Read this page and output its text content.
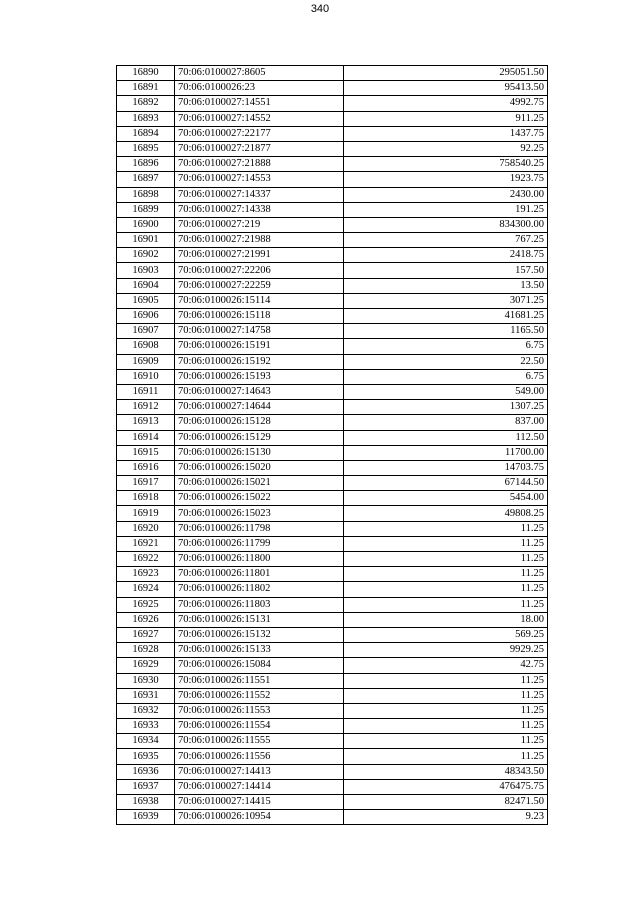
340
16890	70:06:0100027:8605	295051.50
16891	70:06:0100026:23	95413.50
16892	70:06:0100027:14551	4992.75
16893	70:06:0100027:14552	911.25
16894	70:06:0100027:22177	1437.75
16895	70:06:0100027:21877	92.25
16896	70:06:0100027:21888	758540.25
16897	70:06:0100027:14553	1923.75
16898	70:06:0100027:14337	2430.00
16899	70:06:0100027:14338	191.25
16900	70:06:0100027:219	834300.00
16901	70:06:0100027:21988	767.25
16902	70:06:0100027:21991	2418.75
16903	70:06:0100027:22206	157.50
16904	70:06:0100027:22259	13.50
16905	70:06:0100026:15114	3071.25
16906	70:06:0100026:15118	41681.25
16907	70:06:0100027:14758	1165.50
16908	70:06:0100026:15191	6.75
16909	70:06:0100026:15192	22.50
16910	70:06:0100026:15193	6.75
16911	70:06:0100027:14643	549.00
16912	70:06:0100027:14644	1307.25
16913	70:06:0100026:15128	837.00
16914	70:06:0100026:15129	112.50
16915	70:06:0100026:15130	11700.00
16916	70:06:0100026:15020	14703.75
16917	70:06:0100026:15021	67144.50
16918	70:06:0100026:15022	5454.00
16919	70:06:0100026:15023	49808.25
16920	70:06:0100026:11798	11.25
16921	70:06:0100026:11799	11.25
16922	70:06:0100026:11800	11.25
16923	70:06:0100026:11801	11.25
16924	70:06:0100026:11802	11.25
16925	70:06:0100026:11803	11.25
16926	70:06:0100026:15131	18.00
16927	70:06:0100026:15132	569.25
16928	70:06:0100026:15133	9929.25
16929	70:06:0100026:15084	42.75
16930	70:06:0100026:11551	11.25
16931	70:06:0100026:11552	11.25
16932	70:06:0100026:11553	11.25
16933	70:06:0100026:11554	11.25
16934	70:06:0100026:11555	11.25
16935	70:06:0100026:11556	11.25
16936	70:06:0100027:14413	48343.50
16937	70:06:0100027:14414	476475.75
16938	70:06:0100027:14415	82471.50
16939	70:06:0100026:10954	9.23
